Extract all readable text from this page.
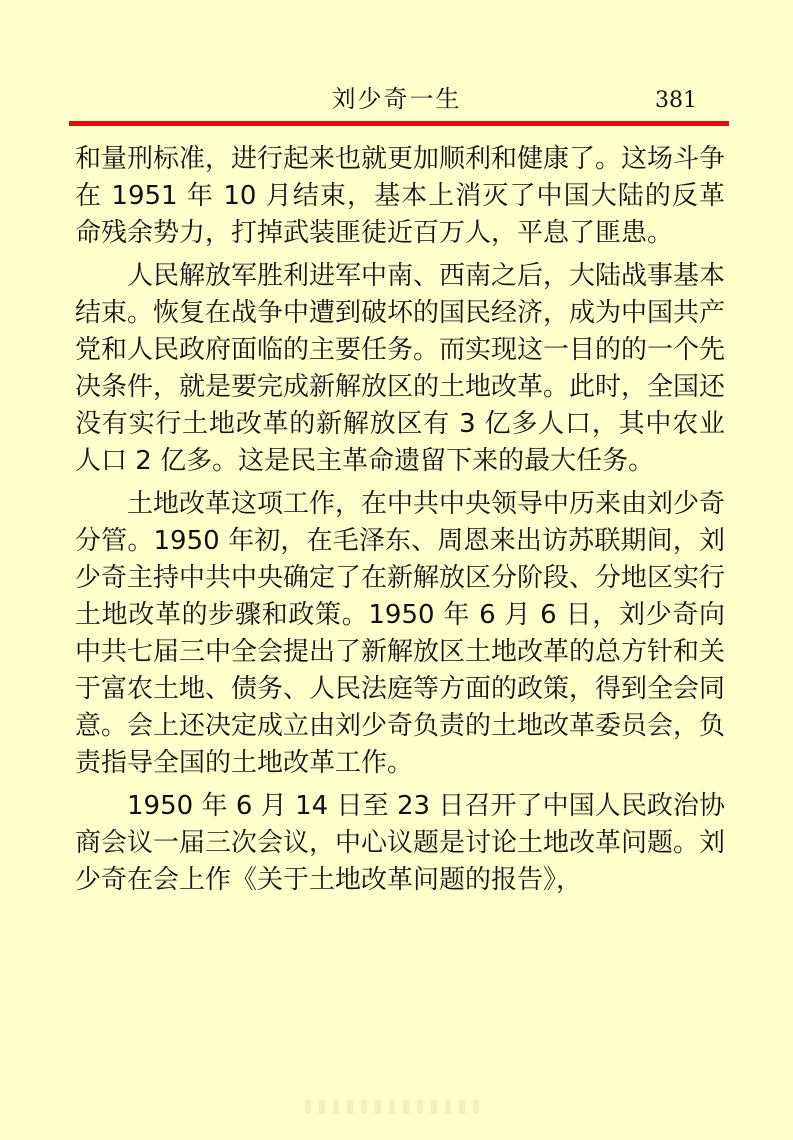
刘少奇一生	381

和量刑标准，进行起来也就更加顺利和健康了。这场斗争在 1951 年 10 月结束，基本上消灭了中国大陆的反革命残余势力，打掉武装匪徒近百万人，平息了匪患。

人民解放军胜利进军中南、西南之后，大陆战事基本结束。恢复在战争中遭到破坏的国民经济，成为中国共产党和人民政府面临的主要任务。而实现这一目的的一个先决条件，就是要完成新解放区的土地改革。此时，全国还没有实行土地改革的新解放区有 3 亿多人口，其中农业人口 2 亿多。这是民主革命遗留下来的最大任务。

土地改革这项工作，在中共中央领导中历来由刘少奇分管。1950 年初，在毛泽东、周恩来出访苏联期间，刘少奇主持中共中央确定了在新解放区分阶段、分地区实行土地改革的步骤和政策。1950 年 6 月 6 日，刘少奇向中共七届三中全会提出了新解放区土地改革的总方针和关于富农土地、债务、人民法庭等方面的政策，得到全会同意。会上还决定成立由刘少奇负责的土地改革委员会，负责指导全国的土地改革工作。

1950 年 6 月 14 日至 23 日召开了中国人民政治协商会议一届三次会议，中心议题是讨论土地改革问题。刘少奇在会上作《关于土地改革问题的报告》，
